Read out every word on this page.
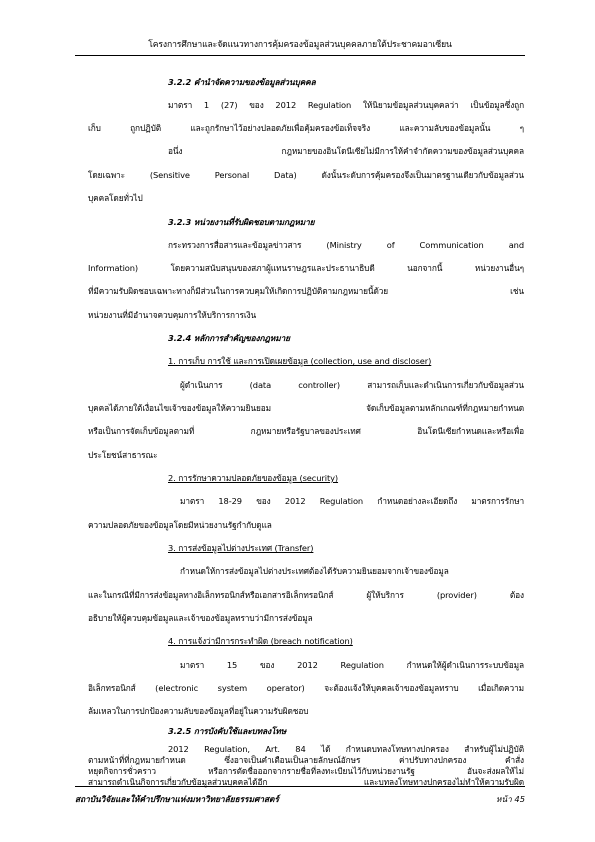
โครงการศึกษาและจัดแนวทางการคุ้มครองข้อมูลส่วนบุคคลภายใต้ประชาคมอาเซียน
3.2.2 คำนำจัดความของข้อมูลส่วนบุคคล
มาตรา 1 (27) ของ 2012 Regulation ให้นิยามข้อมูลส่วนบุคคลว่า เป็นข้อมูลซึ่งถูก
เก็บ ถูกปฏิบัติ และถูกรักษาไว้อย่างปลอดภัยเพื่อคุ้มครองข้อเท็จจริง และความลับของข้อมูลนั้น ๆ
อนึ่ง กฎหมายของอินโดนีเซียไม่มีการให้คำจำกัดความของข้อมูลส่วนบุคคล
โดยเฉพาะ (Sensitive Personal Data) ดังนั้นระดับการคุ้มครองจึงเป็นมาตรฐานเดียวกับข้อมูลส่วน
บุคคลโดยทั่วไป
3.2.3 หน่วยงานที่รับผิดชอบตามกฎหมาย
กระทรวงการสื่อสารและข้อมูลข่าวสาร (Ministry of Communication and
Information) โดยความสนับสนุนของสภาผู้แทนราษฎรและประธานาธิบดี นอกจากนี้ หน่วยงานอื่นๆ
ที่มีความรับผิดชอบเฉพาะทางก็มีส่วนในการควบคุมให้เกิดการปฏิบัติตามกฎหมายนี้ด้วย เช่น
หน่วยงานที่มีอำนาจควบคุมการให้บริการการเงิน
3.2.4 หลักการสำคัญของกฎหมาย
1. การเก็บ การใช้ และการเปิดเผยข้อมูล (collection, use and discloser)
ผู้ดำเนินการ (data controller) สามารถเก็บและดำเนินการเกี่ยวกับข้อมูลส่วน
บุคคลได้ภายใต้เงื่อนไขเจ้าของข้อมูลให้ความยินยอม จัดเก็บข้อมูลตามหลักเกณฑ์ที่กฎหมายกำหนด
หรือเป็นการจัดเก็บข้อมูลตามที่ กฎหมายหรือรัฐบาลของประเทศ อินโดนีเซียกำหนดและหรือเพื่อ
ประโยชน์สาธารณะ
2. การรักษาความปลอดภัยของข้อมูล (security)
มาตรา 18-29 ของ 2012 Regulation กำหนดอย่างละเอียดถึง มาตรการรักษา
ความปลอดภัยของข้อมูลโดยมีหน่วยงานรัฐกำกับดูแล
3. การส่งข้อมูลไปต่างประเทศ (Transfer)
กำหนดให้การส่งข้อมูลไปต่างประเทศต้องได้รับความยินยอมจากเจ้าของข้อมูล
และในกรณีที่มีการส่งข้อมูลทางอิเล็กทรอนิกส์หรือเอกสารอิเล็กทรอนิกส์ ผู้ให้บริการ (provider) ต้อง
อธิบายให้ผู้ควบคุมข้อมูลและเจ้าของข้อมูลทราบว่ามีการส่งข้อมูล
4. การแจ้งว่ามีการกระทำผิด (breach notification)
มาตรา 15 ของ 2012 Regulation กำหนดให้ผู้ดำเนินการระบบข้อมูล
อิเล็กทรอนิกส์ (electronic system operator) จะต้องแจ้งให้บุคคลเจ้าของข้อมูลทราบ เมื่อเกิดความ
ล้มเหลวในการปกป้องความลับของข้อมูลที่อยู่ในความรับผิดชอบ
3.2.5 การบังคับใช้และบทลงโทษ
2012 Regulation, Art. 84 ได้ กำหนดบทลงโทษทางปกครอง สำหรับผู้ไม่ปฏิบัติ
ตามหน้าที่ที่กฎหมายกำหนด ซึ่งอาจเป็นคำเตือนเป็นลายลักษณ์อักษร ค่าปรับทางปกครอง คำสั่ง
หยุดกิจการชั่วคราว หรือการตัดชื่อออกจากรายชื่อที่ลงทะเบียนไว้กับหน่วยงานรัฐ อันจะส่งผลให้ไม่
สามารถดำเนินกิจการเกี่ยวกับข้อมูลส่วนบุคคลได้อีก และบทลงโทษทางปกครองไม่ทำให้ความรับผิด
สถาบันวิจัยและให้คำปรึกษาแห่งมหาวิทยาลัยธรรมศาสตร์	หน้า 45
